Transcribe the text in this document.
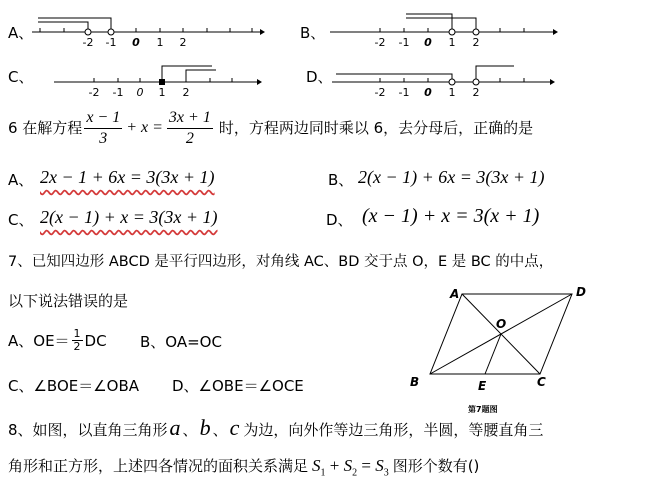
A、
-2 -1 0 1 2
B、
-2 -1 0 1 2
C、
-2 -1 0 1 2
D、
-2 -1 0 1 2
6 在解方程 $\frac{x - 1}{3} + x = \frac{3x + 1}{2}$ 时，方程两边同时乘以 6，去分母后，正确的是
A、 2x − 1 + 6x = 3(3x + 1)	B、 2(x − 1) + 6x = 3(3x + 1)
C、 2(x − 1) + x = 3(3x + 1)	D、 (x − 1) + x = 3(x + 1)
7、已知四边形 ABCD 是平行四边形，对角线 AC、BD 交于点 O，E 是 BC 的中点，
以下说法错误的是
A、$OE= \frac{1}{2}$ DC B、OA=OC
C、∠BOE＝∠OBA D、∠OBE＝∠OCE
A	D
O
B	E	C
第7题图
8、如图，以直角三角形 a 、 b 、 c 为边，向外作等边三角形，半圆，等腰直角三
角形和正方形，上述四各情况的面积关系满足 $S_1 + S_2 = S_3$ 图形个数有()
